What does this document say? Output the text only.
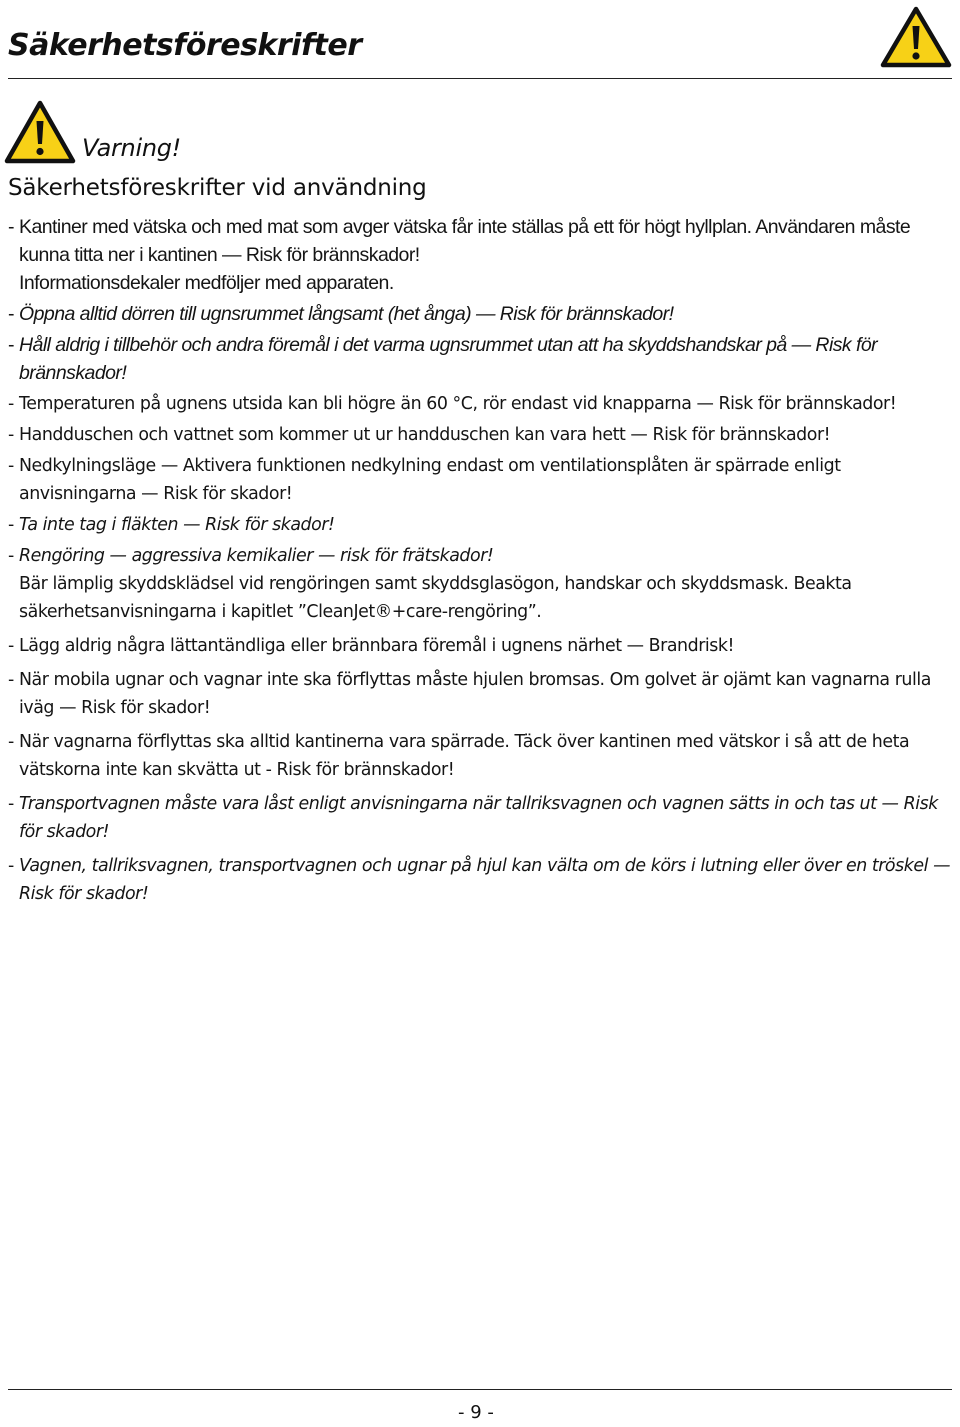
Säkerhetsföreskrifter
Varning!
Säkerhetsföreskrifter vid användning
- Kantiner med vätska och med mat som avger vätska får inte ställas på ett för högt hyllplan. Användaren måste kunna titta ner i kantinen — Risk för brännskador!
Informationsdekaler medföljer med apparaten.
- Öppna alltid dörren till ugnsrummet långsamt (het ånga) — Risk för brännskador!
- Håll aldrig i tillbehör och andra föremål i det varma ugnsrummet utan att ha skyddshandskar på — Risk för brännskador!
- Temperaturen på ugnens utsida kan bli högre än 60 °C, rör endast vid knapparna — Risk för brännskador!
- Handduschen och vattnet som kommer ut ur handduschen kan vara hett — Risk för brännskador!
- Nedkylningsläge — Aktivera funktionen nedkylning endast om ventilationsplåten är spärrade enligt anvisningarna — Risk för skador!
- Ta inte tag i fläkten — Risk för skador!
- Rengöring — aggressiva kemikalier — risk för frätskador!
Bär lämplig skyddsklädsel vid rengöringen samt skyddsglasögon, handskar och skyddsmask. Beakta säkerhetsanvisningarna i kapitlet ”CleanJet®+care-rengöring”.
- Lägg aldrig några lättantändliga eller brännbara föremål i ugnens närhet — Brandrisk!
- När mobila ugnar och vagnar inte ska förflyttas måste hjulen bromsas. Om golvet är ojämt kan vagnarna rulla iväg — Risk för skador!
- När vagnarna förflyttas ska alltid kantinerna vara spärrade. Täck över kantinen med vätskor i så att de heta vätskorna inte kan skvätta ut - Risk för brännskador!
- Transportvagnen måste vara låst enligt anvisningarna när tallriksvagnen och vagnen sätts in och tas ut — Risk för skador!
- Vagnen, tallriksvagnen, transportvagnen och ugnar på hjul kan välta om de körs i lutning eller över en tröskel — Risk för skador!
- 9 -
